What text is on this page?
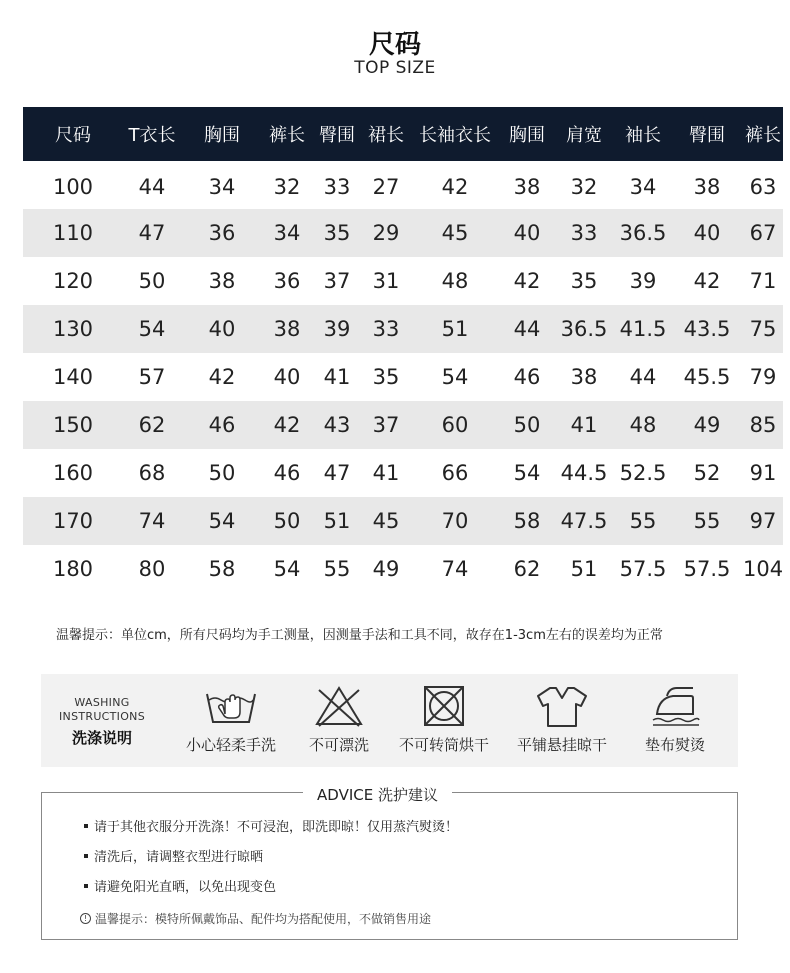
尺码
TOP SIZE
尺码	T衣长	胸围	裤长	臀围	裙长	长袖衣长	胸围	肩宽	袖长	臀围	裤长
100	44	34	32	33	27	42	38	32	34	38	63
110	47	36	34	35	29	45	40	33	36.5	40	67
120	50	38	36	37	31	48	42	35	39	42	71
130	54	40	38	39	33	51	44	36.5	41.5	43.5	75
140	57	42	40	41	35	54	46	38	44	45.5	79
150	62	46	42	43	37	60	50	41	48	49	85
160	68	50	46	47	41	66	54	44.5	52.5	52	91
170	74	54	50	51	45	70	58	47.5	55	55	97
180	80	58	54	55	49	74	62	51	57.5	57.5	104
温馨提示：单位cm，所有尺码均为手工测量，因测量手法和工具不同，故存在1-3cm左右的误差均为正常
WASHING
INSTRUCTIONS
洗涤说明	小心轻柔手洗	不可漂洗	不可转筒烘干	平铺悬挂晾干	垫布熨烫
ADVICE 洗护建议
请于其他衣服分开洗涤！不可浸泡，即洗即晾！仅用蒸汽熨烫！
清洗后，请调整衣型进行晾晒
请避免阳光直晒，以免出现变色
! 温馨提示：模特所佩戴饰品、配件均为搭配使用，不做销售用途
